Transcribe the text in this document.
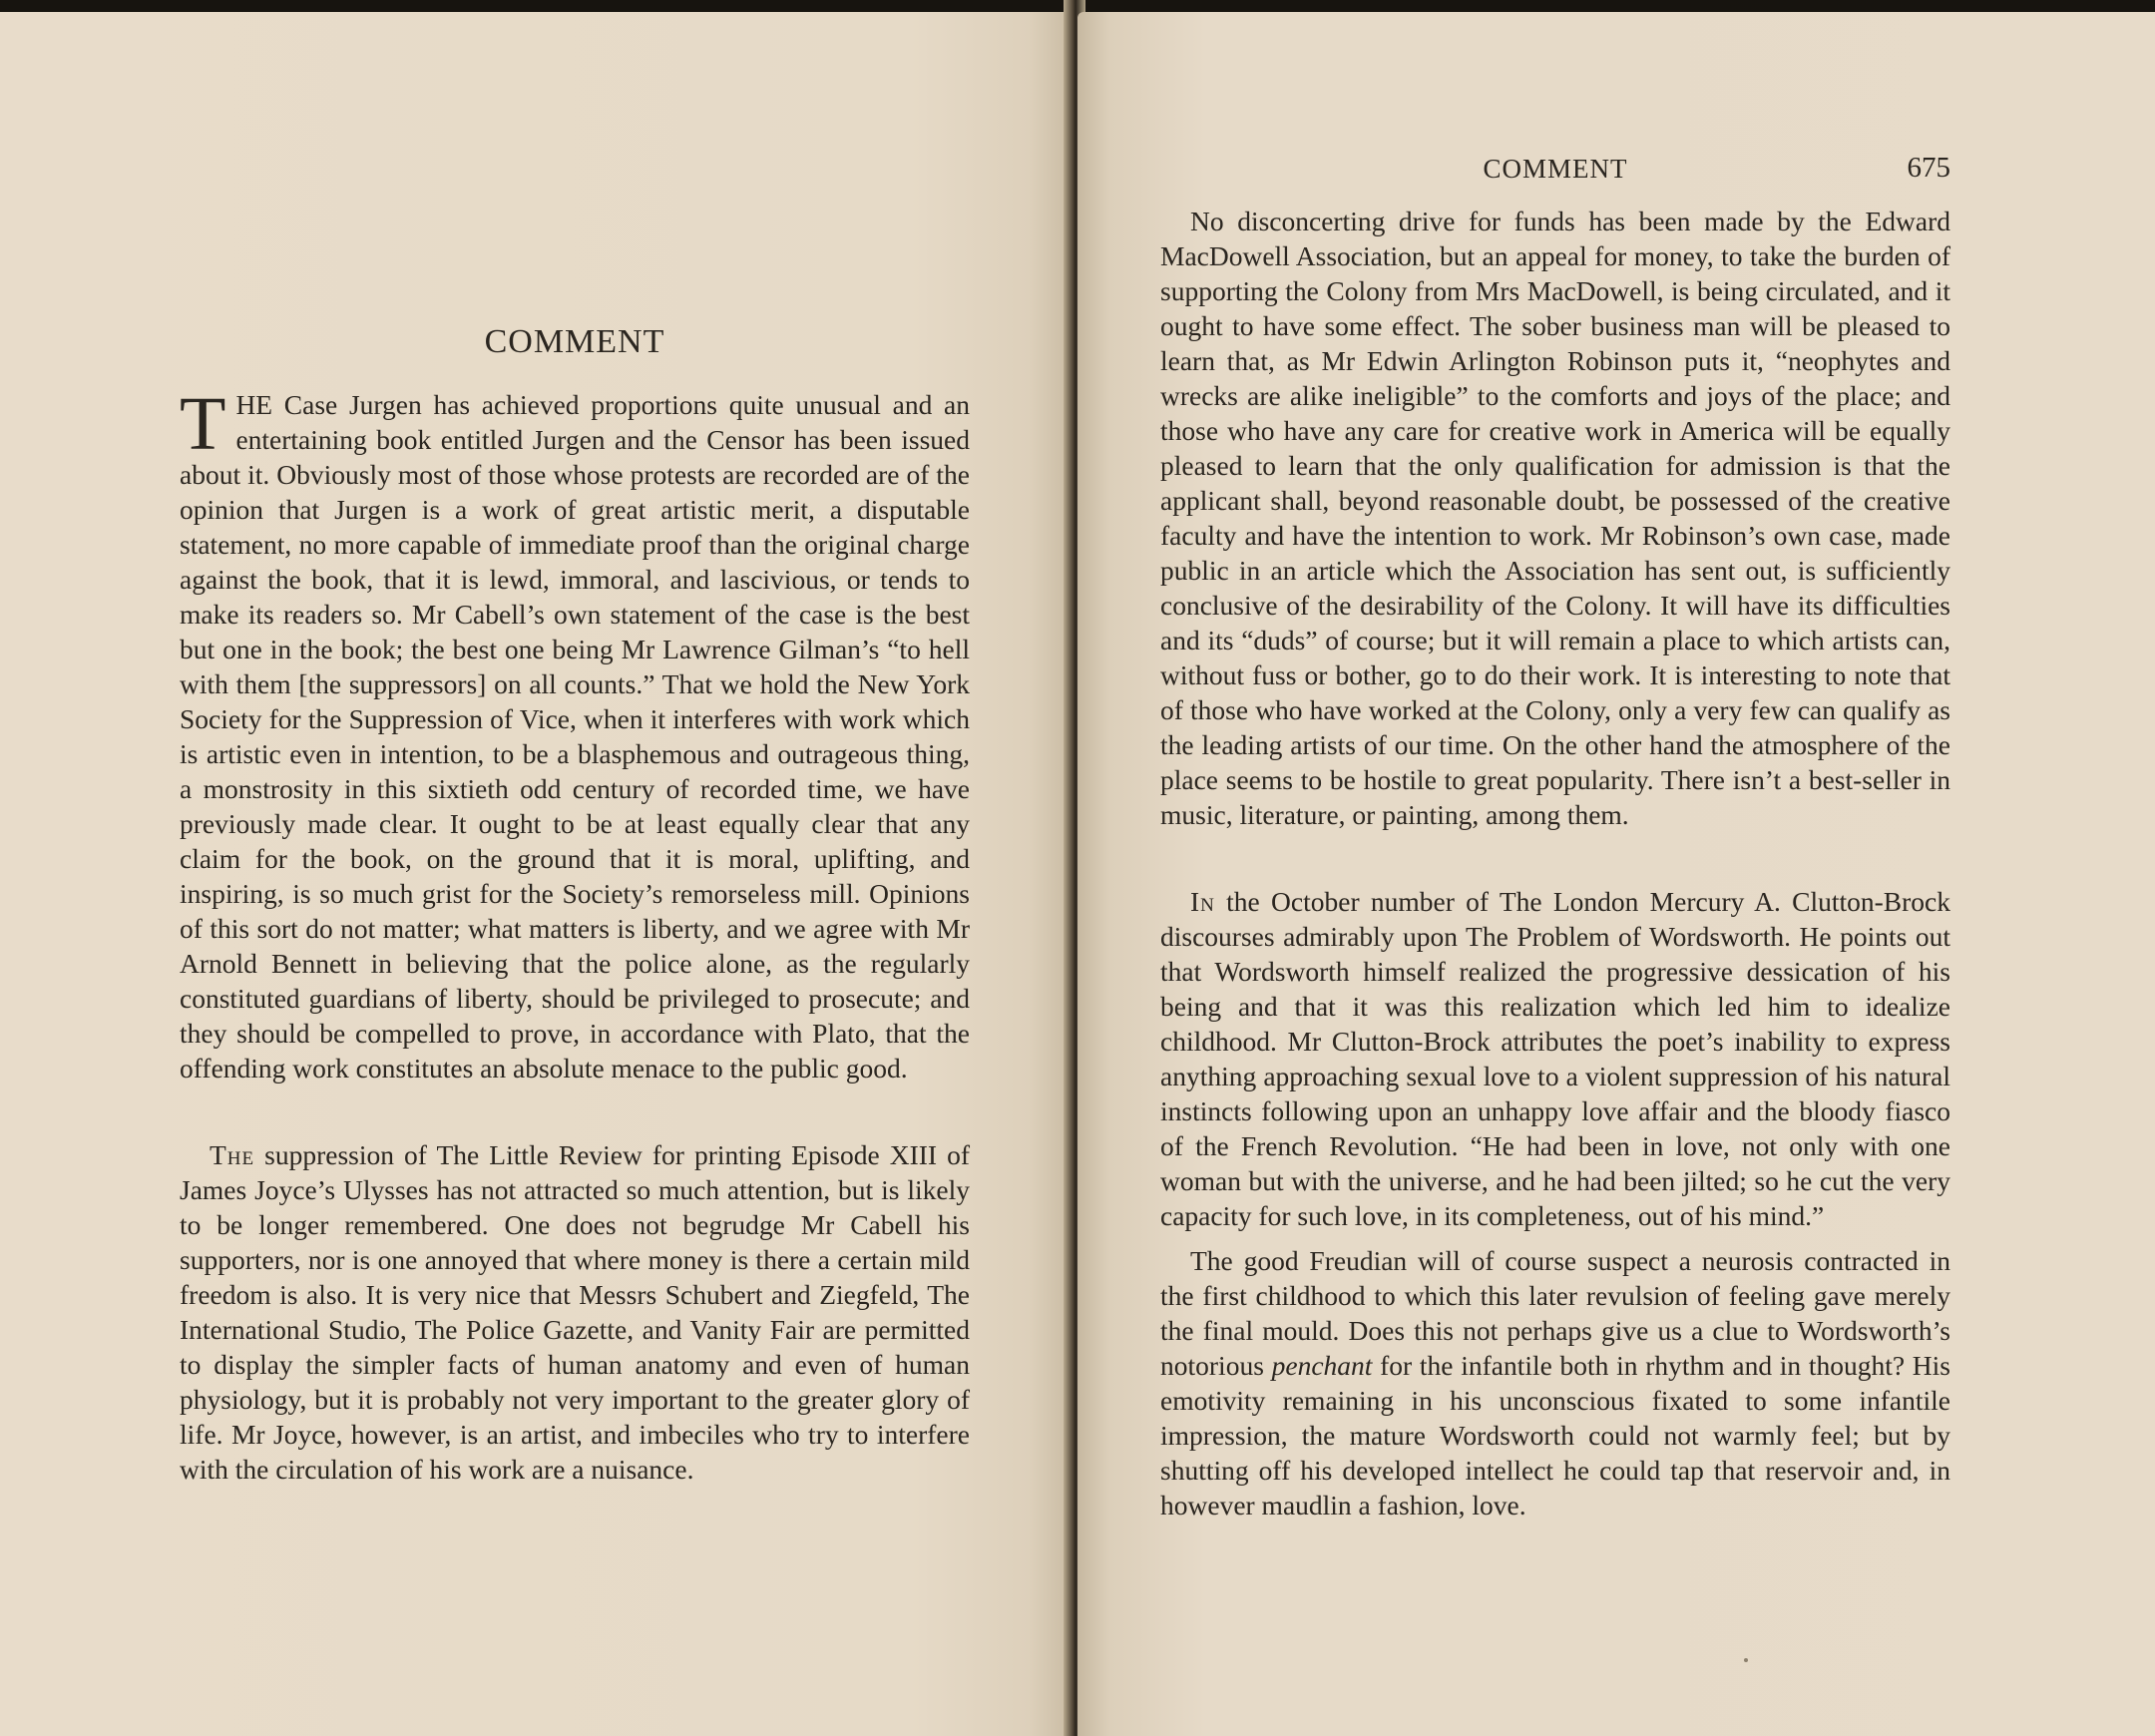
COMMENT

THE Case Jurgen has achieved proportions quite unusual and an entertaining book entitled Jurgen and the Censor has been issued about it. Obviously most of those whose protests are recorded are of the opinion that Jurgen is a work of great artistic merit, a disputable statement, no more capable of immediate proof than the original charge against the book, that it is lewd, immoral, and lascivious, or tends to make its readers so. Mr Cabell’s own statement of the case is the best but one in the book; the best one being Mr Lawrence Gilman’s “to hell with them [the suppressors] on all counts.” That we hold the New York Society for the Suppression of Vice, when it interferes with work which is artistic even in intention, to be a blasphemous and outrageous thing, a monstrosity in this sixtieth odd century of recorded time, we have previously made clear. It ought to be at least equally clear that any claim for the book, on the ground that it is moral, uplifting, and inspiring, is so much grist for the Society’s remorseless mill. Opinions of this sort do not matter; what matters is liberty, and we agree with Mr Arnold Bennett in believing that the police alone, as the regularly constituted guardians of liberty, should be privileged to prosecute; and they should be compelled to prove, in accordance with Plato, that the offending work constitutes an absolute menace to the public good.

The suppression of The Little Review for printing Episode XIII of James Joyce’s Ulysses has not attracted so much attention, but is likely to be longer remembered. One does not begrudge Mr Cabell his supporters, nor is one annoyed that where money is there a certain mild freedom is also. It is very nice that Messrs Schubert and Ziegfeld, The International Studio, The Police Gazette, and Vanity Fair are permitted to display the simpler facts of human anatomy and even of human physiology, but it is probably not very important to the greater glory of life. Mr Joyce, however, is an artist, and imbeciles who try to interfere with the circulation of his work are a nuisance.

COMMENT	675

No disconcerting drive for funds has been made by the Edward MacDowell Association, but an appeal for money, to take the burden of supporting the Colony from Mrs MacDowell, is being circulated, and it ought to have some effect. The sober business man will be pleased to learn that, as Mr Edwin Arlington Robinson puts it, “neophytes and wrecks are alike ineligible” to the comforts and joys of the place; and those who have any care for creative work in America will be equally pleased to learn that the only qualification for admission is that the applicant shall, beyond reasonable doubt, be possessed of the creative faculty and have the intention to work. Mr Robinson’s own case, made public in an article which the Association has sent out, is sufficiently conclusive of the desirability of the Colony. It will have its difficulties and its “duds” of course; but it will remain a place to which artists can, without fuss or bother, go to do their work. It is interesting to note that of those who have worked at the Colony, only a very few can qualify as the leading artists of our time. On the other hand the atmosphere of the place seems to be hostile to great popularity. There isn’t a best-seller in music, literature, or painting, among them.

In the October number of The London Mercury A. Clutton-Brock discourses admirably upon The Problem of Wordsworth. He points out that Wordsworth himself realized the progressive dessication of his being and that it was this realization which led him to idealize childhood. Mr Clutton-Brock attributes the poet’s inability to express anything approaching sexual love to a violent suppression of his natural instincts following upon an unhappy love affair and the bloody fiasco of the French Revolution. “He had been in love, not only with one woman but with the universe, and he had been jilted; so he cut the very capacity for such love, in its completeness, out of his mind.”

The good Freudian will of course suspect a neurosis contracted in the first childhood to which this later revulsion of feeling gave merely the final mould. Does this not perhaps give us a clue to Wordsworth’s notorious penchant for the infantile both in rhythm and in thought? His emotivity remaining in his unconscious fixated to some infantile impression, the mature Wordsworth could not warmly feel; but by shutting off his developed intellect he could tap that reservoir and, in however maudlin a fashion, love.
